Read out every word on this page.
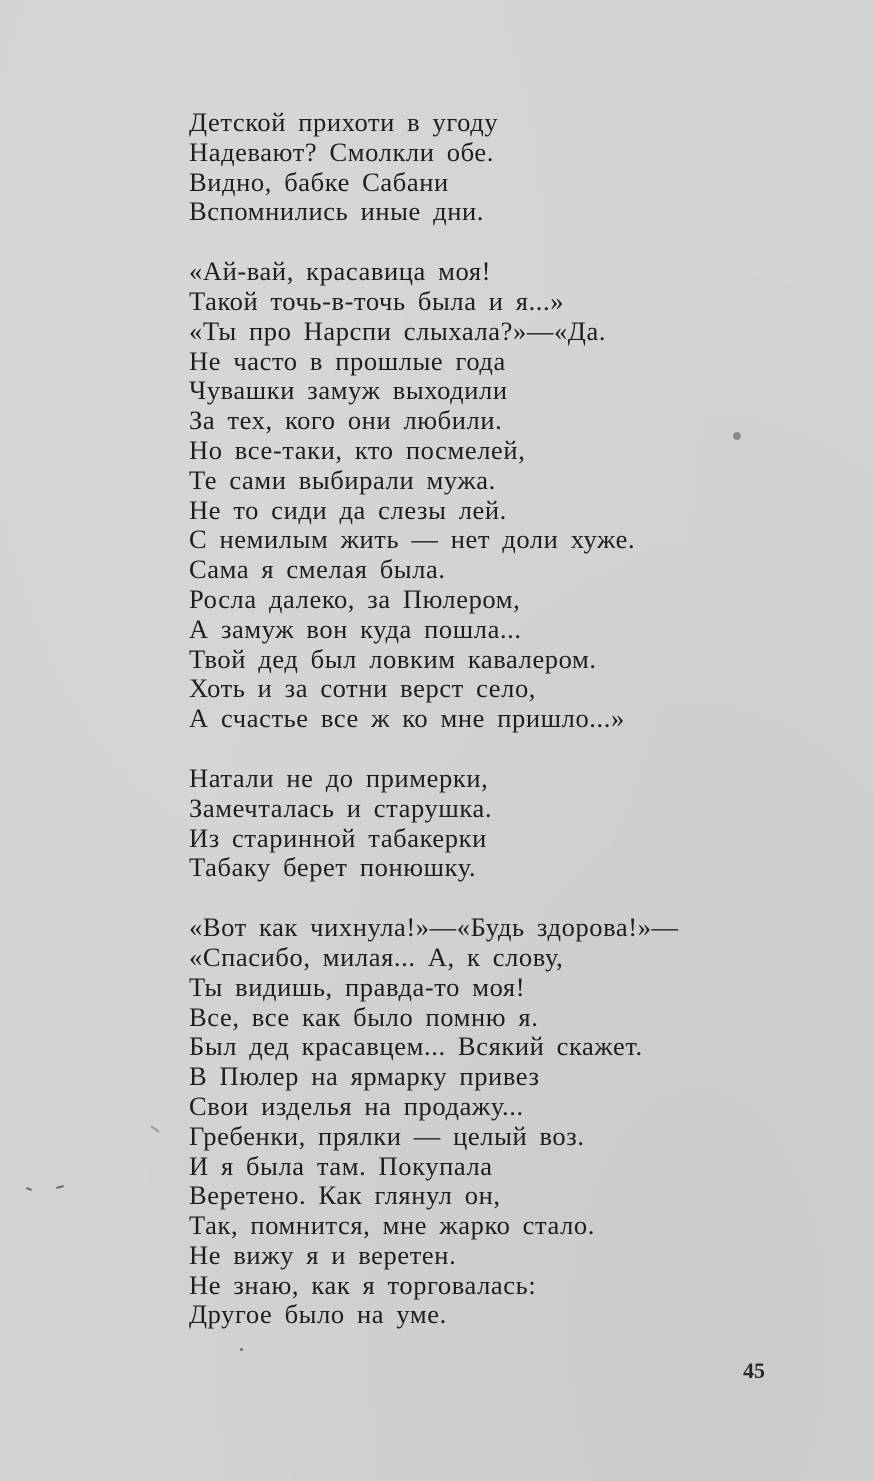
Детской прихоти в угоду
Надевают? Смолкли обе.
Видно, бабке Сабани
Вспомнились иные дни.
«Ай-вай, красавица моя!
Такой точь-в-точь была и я...»
«Ты про Нарспи слыхала?»—«Да.
Не часто в прошлые года
Чувашки замуж выходили
За тех, кого они любили.
Но все-таки, кто посмелей,
Те сами выбирали мужа.
Не то сиди да слезы лей.
С немилым жить — нет доли хуже.
Сама я смелая была.
Росла далеко, за Пюлером,
А замуж вон куда пошла...
Твой дед был ловким кавалером.
Хоть и за сотни верст село,
А счастье все ж ко мне пришло...»
Натали не до примерки,
Замечталась и старушка.
Из старинной табакерки
Табаку берет понюшку.
«Вот как чихнула!»—«Будь здорова!»—
«Спасибо, милая... А, к слову,
Ты видишь, правда-то моя!
Все, все как было помню я.
Был дед красавцем... Всякий скажет.
В Пюлер на ярмарку привез
Свои изделья на продажу...
Гребенки, прялки — целый воз.
И я была там. Покупала
Веретено. Как глянул он,
Так, помнится, мне жарко стало.
Не вижу я и веретен.
Не знаю, как я торговалась:
Другое было на уме.
45
